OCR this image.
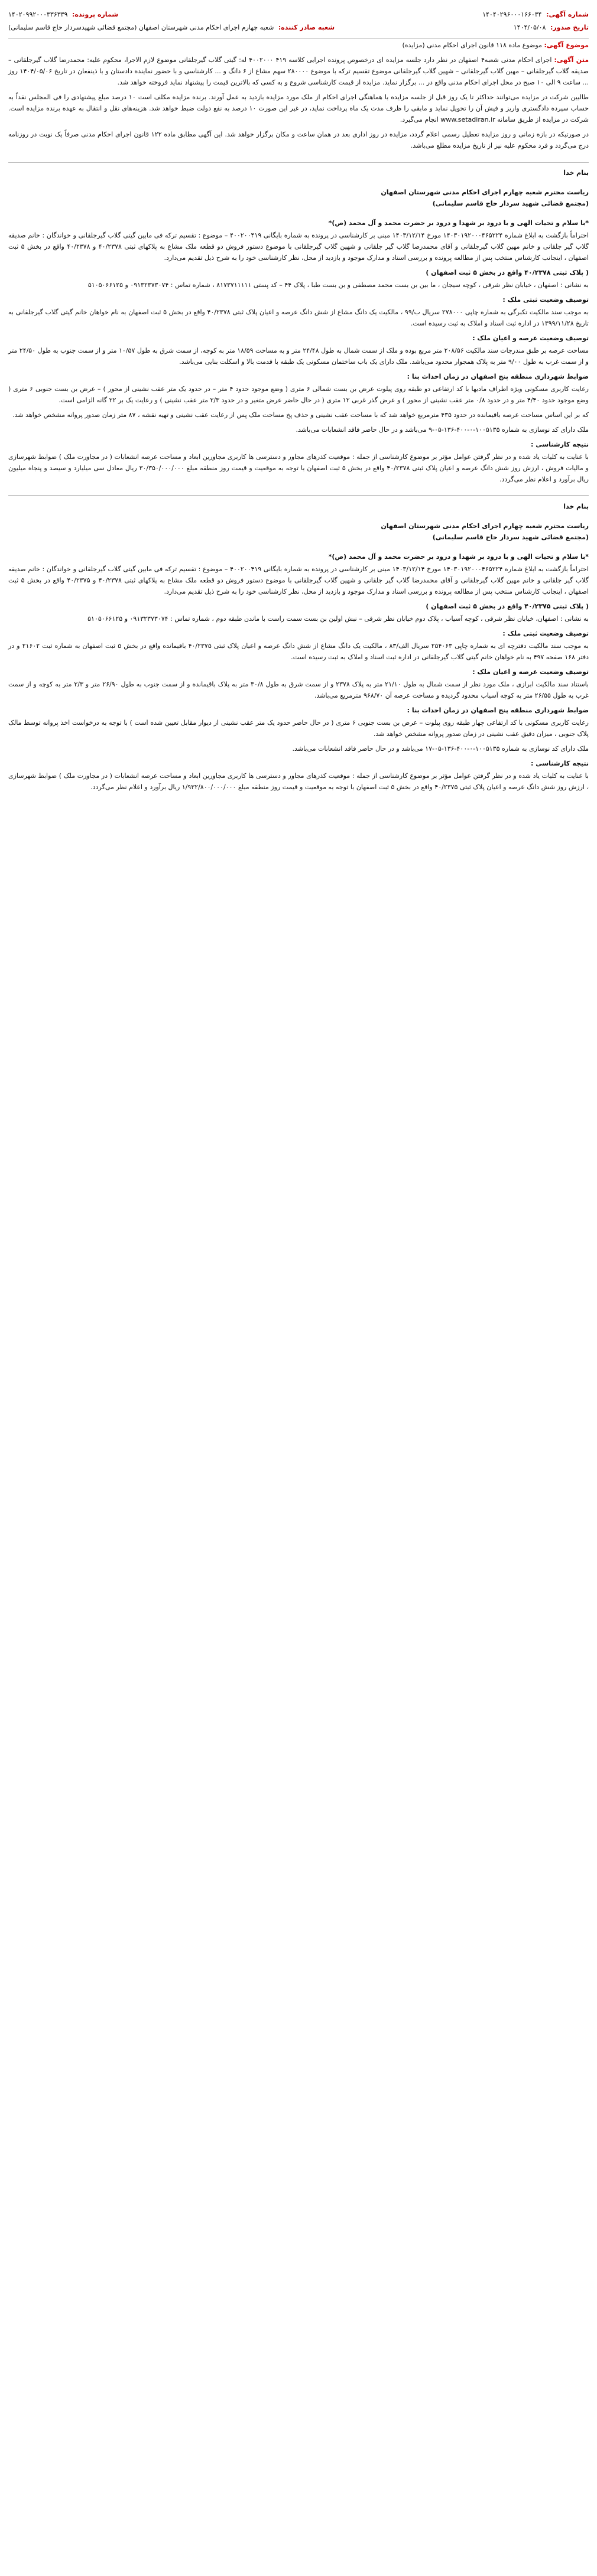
شماره آگهی: ۱۴۰۴۰۲۹۶۰۰۰۱۶۶۰۳۴
شماره پرونده: ۱۴۰۲۰۹۹۲۰۰۰۳۳۶۳۳۹
تاریخ صدور: ۱۴۰۴/۰۵/۰۸
شعبه صادر کننده: شعبه چهارم اجرای احکام مدنی شهرستان اصفهان (مجتمع قضائی شهیدسردار حاج قاسم سلیمانی)
موضوع آگهی: موضوع ماده ۱۱۸ قانون اجرای احکام مدنی (مزایده)
متن آگهی: اجرای احکام مدنی شعبه۴ اصفهان در نظر دارد جلسه مزایده ای درخصوص پرونده اجرایی کلاسه ۴۱۹ ۴۰۰۲۰۰۰ له: گیتی گلاب گیرجلقانی موضوع لازم الاجرا، محکوم علیه: محمدرضا گلاب گیرجلقانی – صدیقه گلاب گیرجلقانی – مهین گلاب گیرجلقانی – شهین گلاب گیرجلقانی موضوع تقسیم ترکه با موضوع ۲۸۰۰۰۰ سهم مشاع از ۶ دانگ و ... کارشناسی و با حضور نماینده دادستان و با ذینفعان در تاریخ ۱۴۰۴/۰۵/۰۶ روز ... ساعت ۹ الی ۱۰ صبح در محل اجرای احکام مدنی واقع در ... برگزار نماید. مزایده از قیمت کارشناسی شروع و به کسی که بالاترین قیمت را پیشنهاد نماید فروخته خواهد شد.
طالبین شرکت در مزایده می‌توانند حداکثر تا یک روز قبل از جلسه مزایده با هماهنگی اجرای احکام از ملک مورد مزایده بازدید به عمل آورند. برنده مزایده مکلف است ۱۰ درصد مبلغ پیشنهادی را فی المجلس نقداً به حساب سپرده دادگستری واریز و فیش آن را تحویل نماید و مابقی را ظرف مدت یک ماه پرداخت نماید، در غیر این صورت ۱۰ درصد به نفع دولت ضبط خواهد شد. هزینه‌های نقل و انتقال به عهده برنده مزایده است. شرکت در مزایده از طریق سامانه www.setadiran.ir انجام می‌گیرد.
در صورتیکه در بازه زمانی و روز مزایده تعطیل رسمی اعلام گردد، مزایده در روز اداری بعد در همان ساعت و مکان برگزار خواهد شد. این آگهی مطابق ماده ۱۲۲ قانون اجرای احکام مدنی صرفاً یک نوبت در روزنامه درج می‌گردد و فرد محکوم علیه نیز از تاریخ مزایده مطلع می‌باشد.
بنام خدا
ریاست محترم شعبه چهارم اجرای احکام مدنی شهرستان اصفهان
(مجتمع قضائی شهید سردار حاج قاسم سلیمانی)
*با سلام و تحیات الهی و با درود بر شهدا و درود بر حضرت محمد و آل محمد (ص)*
احتراماً بازگشت به ابلاغ شماره ۱۴۰۳۰۱۹۲۰۰۰۴۶۵۲۲۴ مورخ ۱۴۰۳/۱۲/۱۴ مبنی بر کارشناسی در پرونده به شماره بایگانی ۴۰۰۲۰۰۴۱۹ – موضوع : تقسیم ترکه فی مابین گیتی گلاب گیرجلقانی و خواندگان : خانم صدیقه گلاب گیر جلقانی و خانم مهین گلاب گیرجلقانی و آقای محمدرضا گلاب گیر جلقانی و شهین گلاب گیرجلقانی با موضوع دستور فروش دو قطعه ملک مشاع به پلاکهای ثبتی ۴۰/۲۳۷۸ و ۴۰/۲۳۷۸ واقع در بخش ۵ ثبت اصفهان ، اینجانب کارشناس منتخب پس از مطالعه پرونده و بررسی اسناد و مدارک موجود و بازدید از محل، نظر کارشناسی خود را به شرح ذیل تقدیم می‌دارد.
( پلاک ثبتی ۴۰/۲۳۷۸ واقع در بخش ۵ ثبت اصفهان )
به نشانی : اصفهان ، خیابان نظر شرقی ، کوچه سیجان ، ما بین بن بست محمد مصطفی و بن بست طبا ، پلاک ۴۴ – کد پستی ۸۱۷۳۷۱۱۱۱۱ ، شماره تماس : ۰۹۱۳۲۳۷۳۰۷۴ و ۵۱۰۵۰۶۶۱۲۵
توصیف وضعیت ثبتی ملک :
به موجب سند مالکیت تکبرگی به شماره چاپی ۲۷۸۰۰۰ سریال ب/۹۹ ، مالکیت یک دانگ مشاع از شش دانگ عرصه و اعیان پلاک ثبتی ۴۰/۲۳۷۸ واقع در بخش ۵ ثبت اصفهان به نام خواهان خانم گیتی گلاب گیرجلقانی به تاریخ ۱۳۹۹/۱۱/۲۸ در اداره ثبت اسناد و املاک به ثبت رسیده است.
توصیف وضعیت عرصه و اعیان ملک :
مساحت عرصه بر طبق مندرجات سند مالکیت ۲۰۸/۵۶ متر مربع بوده و ملک از سمت شمال به طول ۲۴/۴۸ متر و به مساحت ۱۸/۵۹ متر به کوچه، از سمت شرق به طول ۱۰/۵۷ متر و از سمت جنوب به طول ۲۴/۵۰ متر و از سمت غرب به طول ۹/۰۰ متر به پلاک همجوار محدود می‌باشد. ملک دارای یک باب ساختمان مسکونی یک طبقه با قدمت بالا و اسکلت بنایی می‌باشد.
ضوابط شهرداری منطقه پنج اصفهان در زمان احداث بنا :
رعایت کاربری مسکونی ویژه اطراف مادیها با کد ارتفاعی دو طبقه روی پیلوت عرض بن بست شمالی ۶ متری ( وضع موجود حدود ۴ متر – در حدود یک متر عقب نشینی از محور ) – عرض بن بست جنوبی ۶ متری ( وضع موجود حدود ۴/۴۰ متر و در حدود ۰/۸ متر عقب نشینی از محور ) و عرض گذر غربی ۱۲ متری ( در حال حاضر عرض متغیر و در حدود ۲/۳ متر عقب نشینی ) و رعایت یک بر ۲۲ گانه الزامی است.
که بر این اساس مساحت عرصه باقیمانده در حدود ۴۳۵ مترمربع خواهد شد که با مساحت عقب نشینی و حذف پخ مساحت ملک پس از رعایت عقب نشینی و تهیه نقشه ، ۸۷ متر زمان صدور پروانه مشخص خواهد شد.
ملک دارای کد نوسازی به شماره ۱۰۰۵۱۳۵-۰-۴۰۰-۱۳۶-۰۵-۹ می‌باشد و در حال حاضر فاقد انشعابات می‌باشد.
نتیجه کارشناسی :
با عنایت به کلیات یاد شده و در نظر گرفتن عوامل مؤثر بر موضوع کارشناسی از جمله : موقعیت کذرهای مجاور و دسترسی ها کاربری مجاورین ابعاد و مساحت عرصه انشعابات ( در مجاورت ملک ) ضوابط شهرسازی و مالیات فروش ، ارزش روز شش دانگ عرصه و اعیان پلاک ثبتی ۴۰/۲۳۷۸ واقع در بخش ۵ ثبت اصفهان با توجه به موقعیت و قیمت روز منطقه مبلغ ۳۰/۳۵۰/۰۰۰/۰۰۰ ریال معادل سی میلیارد و سیصد و پنجاه میلیون ریال برآورد و اعلام نظر می‌گردد.
بنام خدا
ریاست محترم شعبه چهارم اجرای احکام مدنی شهرستان اصفهان
(مجتمع قضائی شهید سردار حاج قاسم سلیمانی)
*با سلام و تحیات الهی و با درود بر شهدا و درود بر حضرت محمد و آل محمد (ص)*
احتراماً بازگشت به ابلاغ شماره ۱۴۰۳۰۱۹۲۰۰۰۴۶۵۲۲۴ مورخ ۱۴۰۳/۱۲/۱۴ مبنی بر کارشناسی در پرونده به شماره بایگانی ۴۰۰۲۰۰۴۱۹ – موضوع : تقسیم ترکه فی مابین گیتی گلاب گیرجلقانی و خواندگان : خانم صدیقه گلاب گیر جلقانی و خانم مهین گلاب گیرجلقانی و آقای محمدرضا گلاب گیر جلقانی و شهین گلاب گیرجلقانی با موضوع دستور فروش دو قطعه ملک مشاع به پلاکهای ثبتی ۴۰/۲۳۷۸ و ۴۰/۲۳۷۵ واقع در بخش ۵ ثبت اصفهان ، اینجانب کارشناس منتخب پس از مطالعه پرونده و بررسی اسناد و مدارک موجود و بازدید از محل، نظر کارشناسی خود را به شرح ذیل تقدیم می‌دارد.
( پلاک ثبتی ۴۰/۲۳۷۵ واقع در بخش ۵ ثبت اصفهان )
به نشانی : اصفهان، خیابان نظر شرقی ، کوچه آسیاب ، پلاک دوم خیابان نظر شرقی – نبش اولین بن بست سمت راست با ماندن طبقه دوم ، شماره تماس : ۰۹۱۳۲۳۷۳۰۷۴ و ۵۱۰۵۰۶۶۱۲۵
توصیف وضعیت ثبتی ملک :
به موجب سند مالکیت دفترچه ای به شماره چاپی ۲۵۴۰۶۳ سریال الف/۸۳ ، مالکیت یک دانگ مشاع از شش دانگ عرصه و اعیان پلاک ثبتی ۴۰/۲۳۷۵ باقیمانده واقع در بخش ۵ ثبت اصفهان به شماره ثبت ۲۱۶۰۲ و در دفتر ۱۶۸ صفحه ۴۹۷ به نام خواهان خانم گیتی گلاب گیرجلقانی در اداره ثبت اسناد و املاک به ثبت رسیده است.
توصیف وضعیت عرصه و اعیان ملک :
باستناد سند مالکیت ابرازی ، ملک مورد نظر از سمت شمال به طول ۲۱/۱۰ متر به پلاک ۲۳۷۸ و از سمت شرق به طول ۳۰/۸ متر به پلاک باقیمانده و از سمت جنوب به طول ۲۶/۹۰ متر و ۲/۳ متر به کوچه و از سمت غرب به طول ۲۶/۵۵ متر به کوچه آسیاب محدود گردیده و مساحت عرصه آن ۹۶۸/۷۰ مترمربع می‌باشد.
ضوابط شهرداری منطقه پنج اصفهان در زمان احداث بنا :
رعایت کاربری مسکونی با کد ارتفاعی چهار طبقه روی پیلوت – عرض بن بست جنوبی ۶ متری ( در حال حاضر حدود یک متر عقب نشینی از دیوار مقابل تعیین شده است ) با توجه به درخواست اخذ پروانه توسط مالک پلاک جنوبی ، میزان دقیق عقب نشینی در زمان صدور پروانه مشخص خواهد شد.
ملک دارای کد نوسازی به شماره ۱۰۰۵۱۳۵-۰-۴۰۰-۱۳۶-۰۵-۱۷ می‌باشد و در حال حاضر فاقد انشعابات می‌باشد.
نتیجه کارشناسی :
با عنایت به کلیات یاد شده و در نظر گرفتن عوامل مؤثر بر موضوع کارشناسی از جمله : موقعیت کذرهای مجاور و دسترسی ها کاربری مجاورین ابعاد و مساحت عرصه انشعابات ( در مجاورت ملک ) ضوابط شهرسازی ، ارزش روز شش دانگ عرصه و اعیان پلاک ثبتی ۴۰/۲۳۷۵ واقع در بخش ۵ ثبت اصفهان با توجه به موقعیت و قیمت روز منطقه مبلغ ۱/۹۳۲/۸۰۰/۰۰۰/۰۰۰ ریال برآورد و اعلام نظر می‌گردد.
